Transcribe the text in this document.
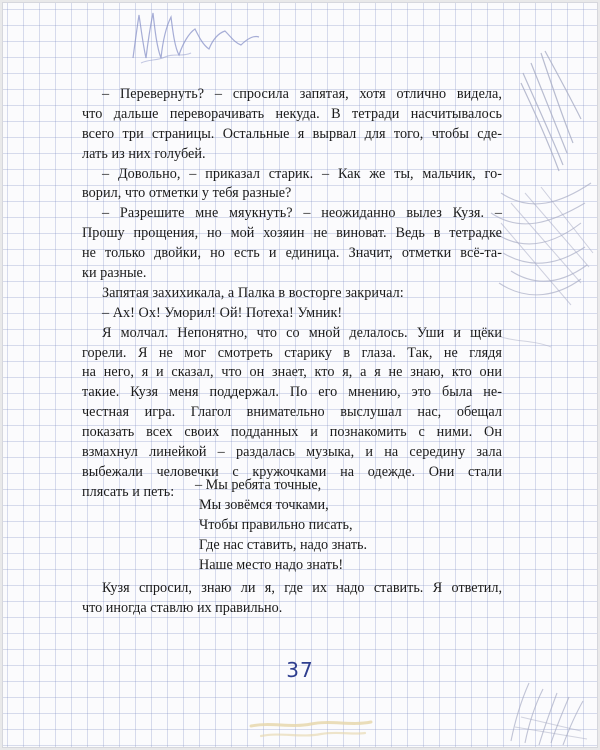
– Перевернуть? – спросила запятая, хотя отлично видела,
что дальше переворачивать некуда. В тетради насчитывалось
всего три страницы. Остальные я вырвал для того, чтобы сде-
лать из них голубей.
– Довольно, – приказал старик. – Как же ты, мальчик, го-
ворил, что отметки у тебя разные?
– Разрешите мне мяукнуть? – неожиданно вылез Кузя. –
Прошу прощения, но мой хозяин не виноват. Ведь в тетрадке
не только двойки, но есть и единица. Значит, отметки всё-та-
ки разные.
Запятая захихикала, а Палка в восторге закричал:
– Ах! Ох! Уморил! Ой! Потеха! Умник!
Я молчал. Непонятно, что со мной делалось. Уши и щёки
горели. Я не мог смотреть старику в глаза. Так, не глядя
на него, я и сказал, что он знает, кто я, а я не знаю, кто они
такие. Кузя меня поддержал. По его мнению, это была не-
честная игра. Глагол внимательно выслушал нас, обещал
показать всех своих подданных и познакомить с ними. Он
взмахнул линейкой – раздалась музыка, и на середину зала
выбежали человечки с кружочками на одежде. Они стали
плясать и петь:	– Мы ребята точные,
Мы зовёмся точками,
Чтобы правильно писать,
Где нас ставить, надо знать.
Наше место надо знать!
Кузя спросил, знаю ли я, где их надо ставить. Я ответил,
что иногда ставлю их правильно.
37
